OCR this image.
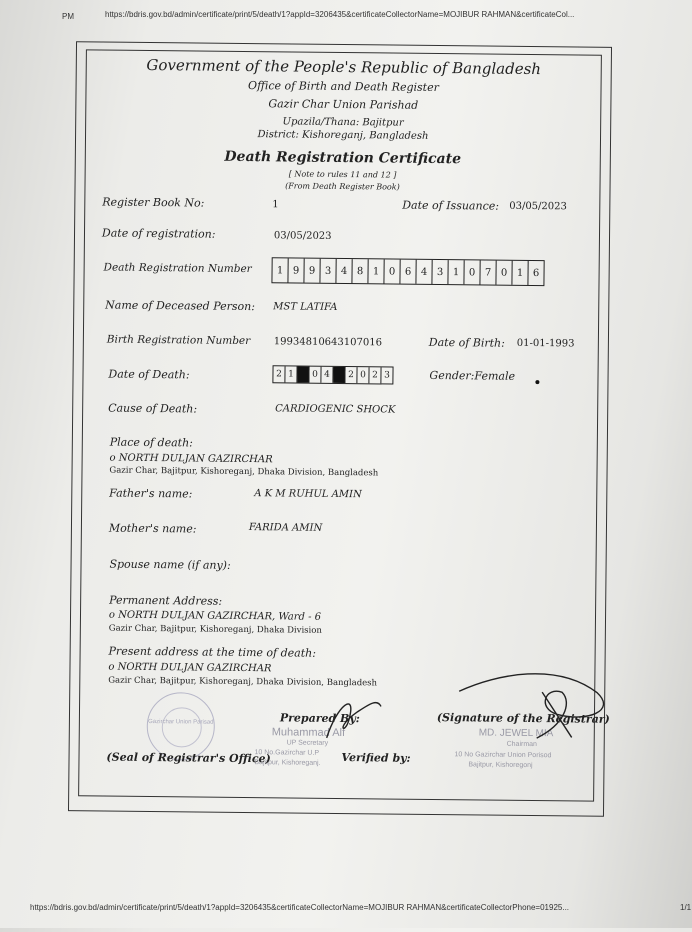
PM	https://bdris.gov.bd/admin/certificate/print/5/death/1?appId=3206435&certificateCollectorName=MOJIBUR RAHMAN&certificateCol...
Government of the People's Republic of Bangladesh
Office of Birth and Death Register
Gazir Char Union Parishad
Upazila/Thana: Bajitpur
District: Kishoreganj, Bangladesh
Death Registration Certificate
[ Note to rules 11 and 12 ]
(From Death Register Book)
Register Book No:	1	Date of Issuance: 03/05/2023
Date of registration:	03/05/2023
Death Registration Number	1 9 9 3 4 8 1 0 6 4 3 1 0 7 0 1 6
Name of Deceased Person: MST LATIFA
Birth Registration Number 19934810643107016	Date of Birth: 01-01-1993
Date of Death:	2 1	0 4	2 0 2 3	Gender: Female
Cause of Death:	CARDIOGENIC SHOCK
Place of death:
o NORTH DULJAN GAZIRCHAR
Gazir Char, Bajitpur, Kishoreganj, Dhaka Division, Bangladesh
Father's name:	A K M RUHUL AMIN
Mother's name:	FARIDA AMIN
Spouse name (if any):
Permanent Address:
o NORTH DULJAN GAZIRCHAR, Ward - 6
Gazir Char, Bajitpur, Kishoreganj, Dhaka Division
Present address at the time of death:
o NORTH DULJAN GAZIRCHAR
Gazir Char, Bajitpur, Kishoreganj, Dhaka Division, Bangladesh
Gazirchar Union Parisad	Prepared By:
Muhammad Alf
UP Secretary
10 No.Gazirchar U.P
Bajitpur, Kishoreganj.
(Signature of the Registrar)
MD. JEWEL MIA
Chairman
10 No Gazirchar Union Porisod
Bajitpur, Kishoregonj
(Seal of Registrar's Office)	Verified by:
https://bdris.gov.bd/admin/certificate/print/5/death/1?appId=3206435&certificateCollectorName=MOJIBUR RAHMAN&certificateCollectorPhone=01925...	1/1
